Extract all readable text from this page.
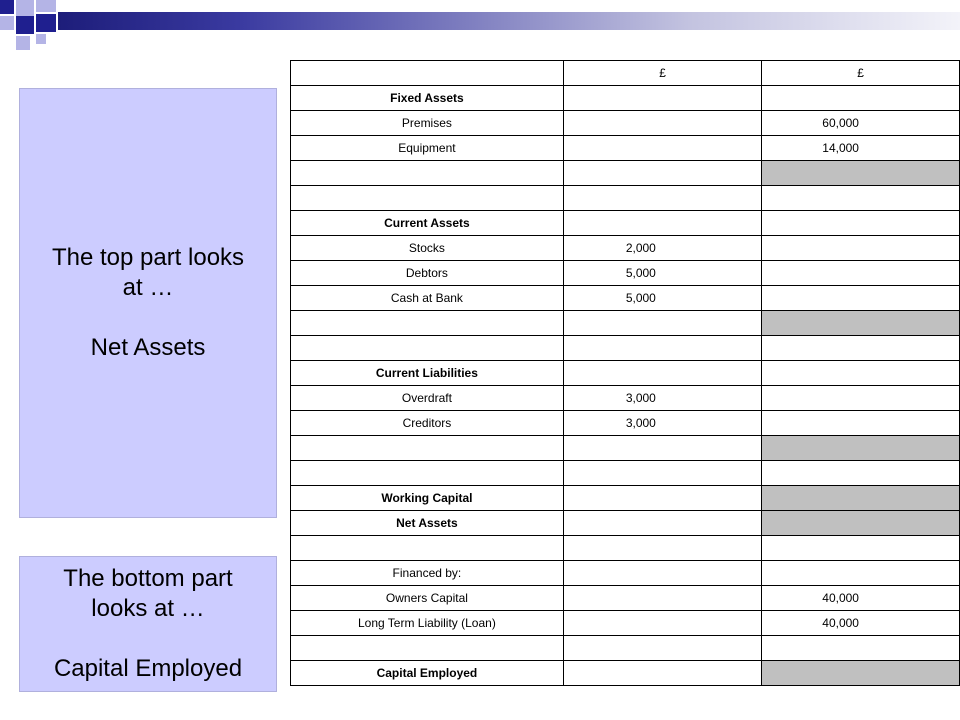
The top part looks
at …
Net Assets
The bottom part
looks at …
Capital Employed
	£	£
Fixed Assets		
Premises		60,000
Equipment		14,000

Current Assets		
Stocks	2,000	
Debtors	5,000	
Cash at Bank	5,000	

Current Liabilities		
Overdraft	3,000	
Creditors	3,000	

Working Capital		
Net Assets		

Financed by:		
Owners Capital		40,000
Long Term Liability (Loan)		40,000

Capital Employed		
